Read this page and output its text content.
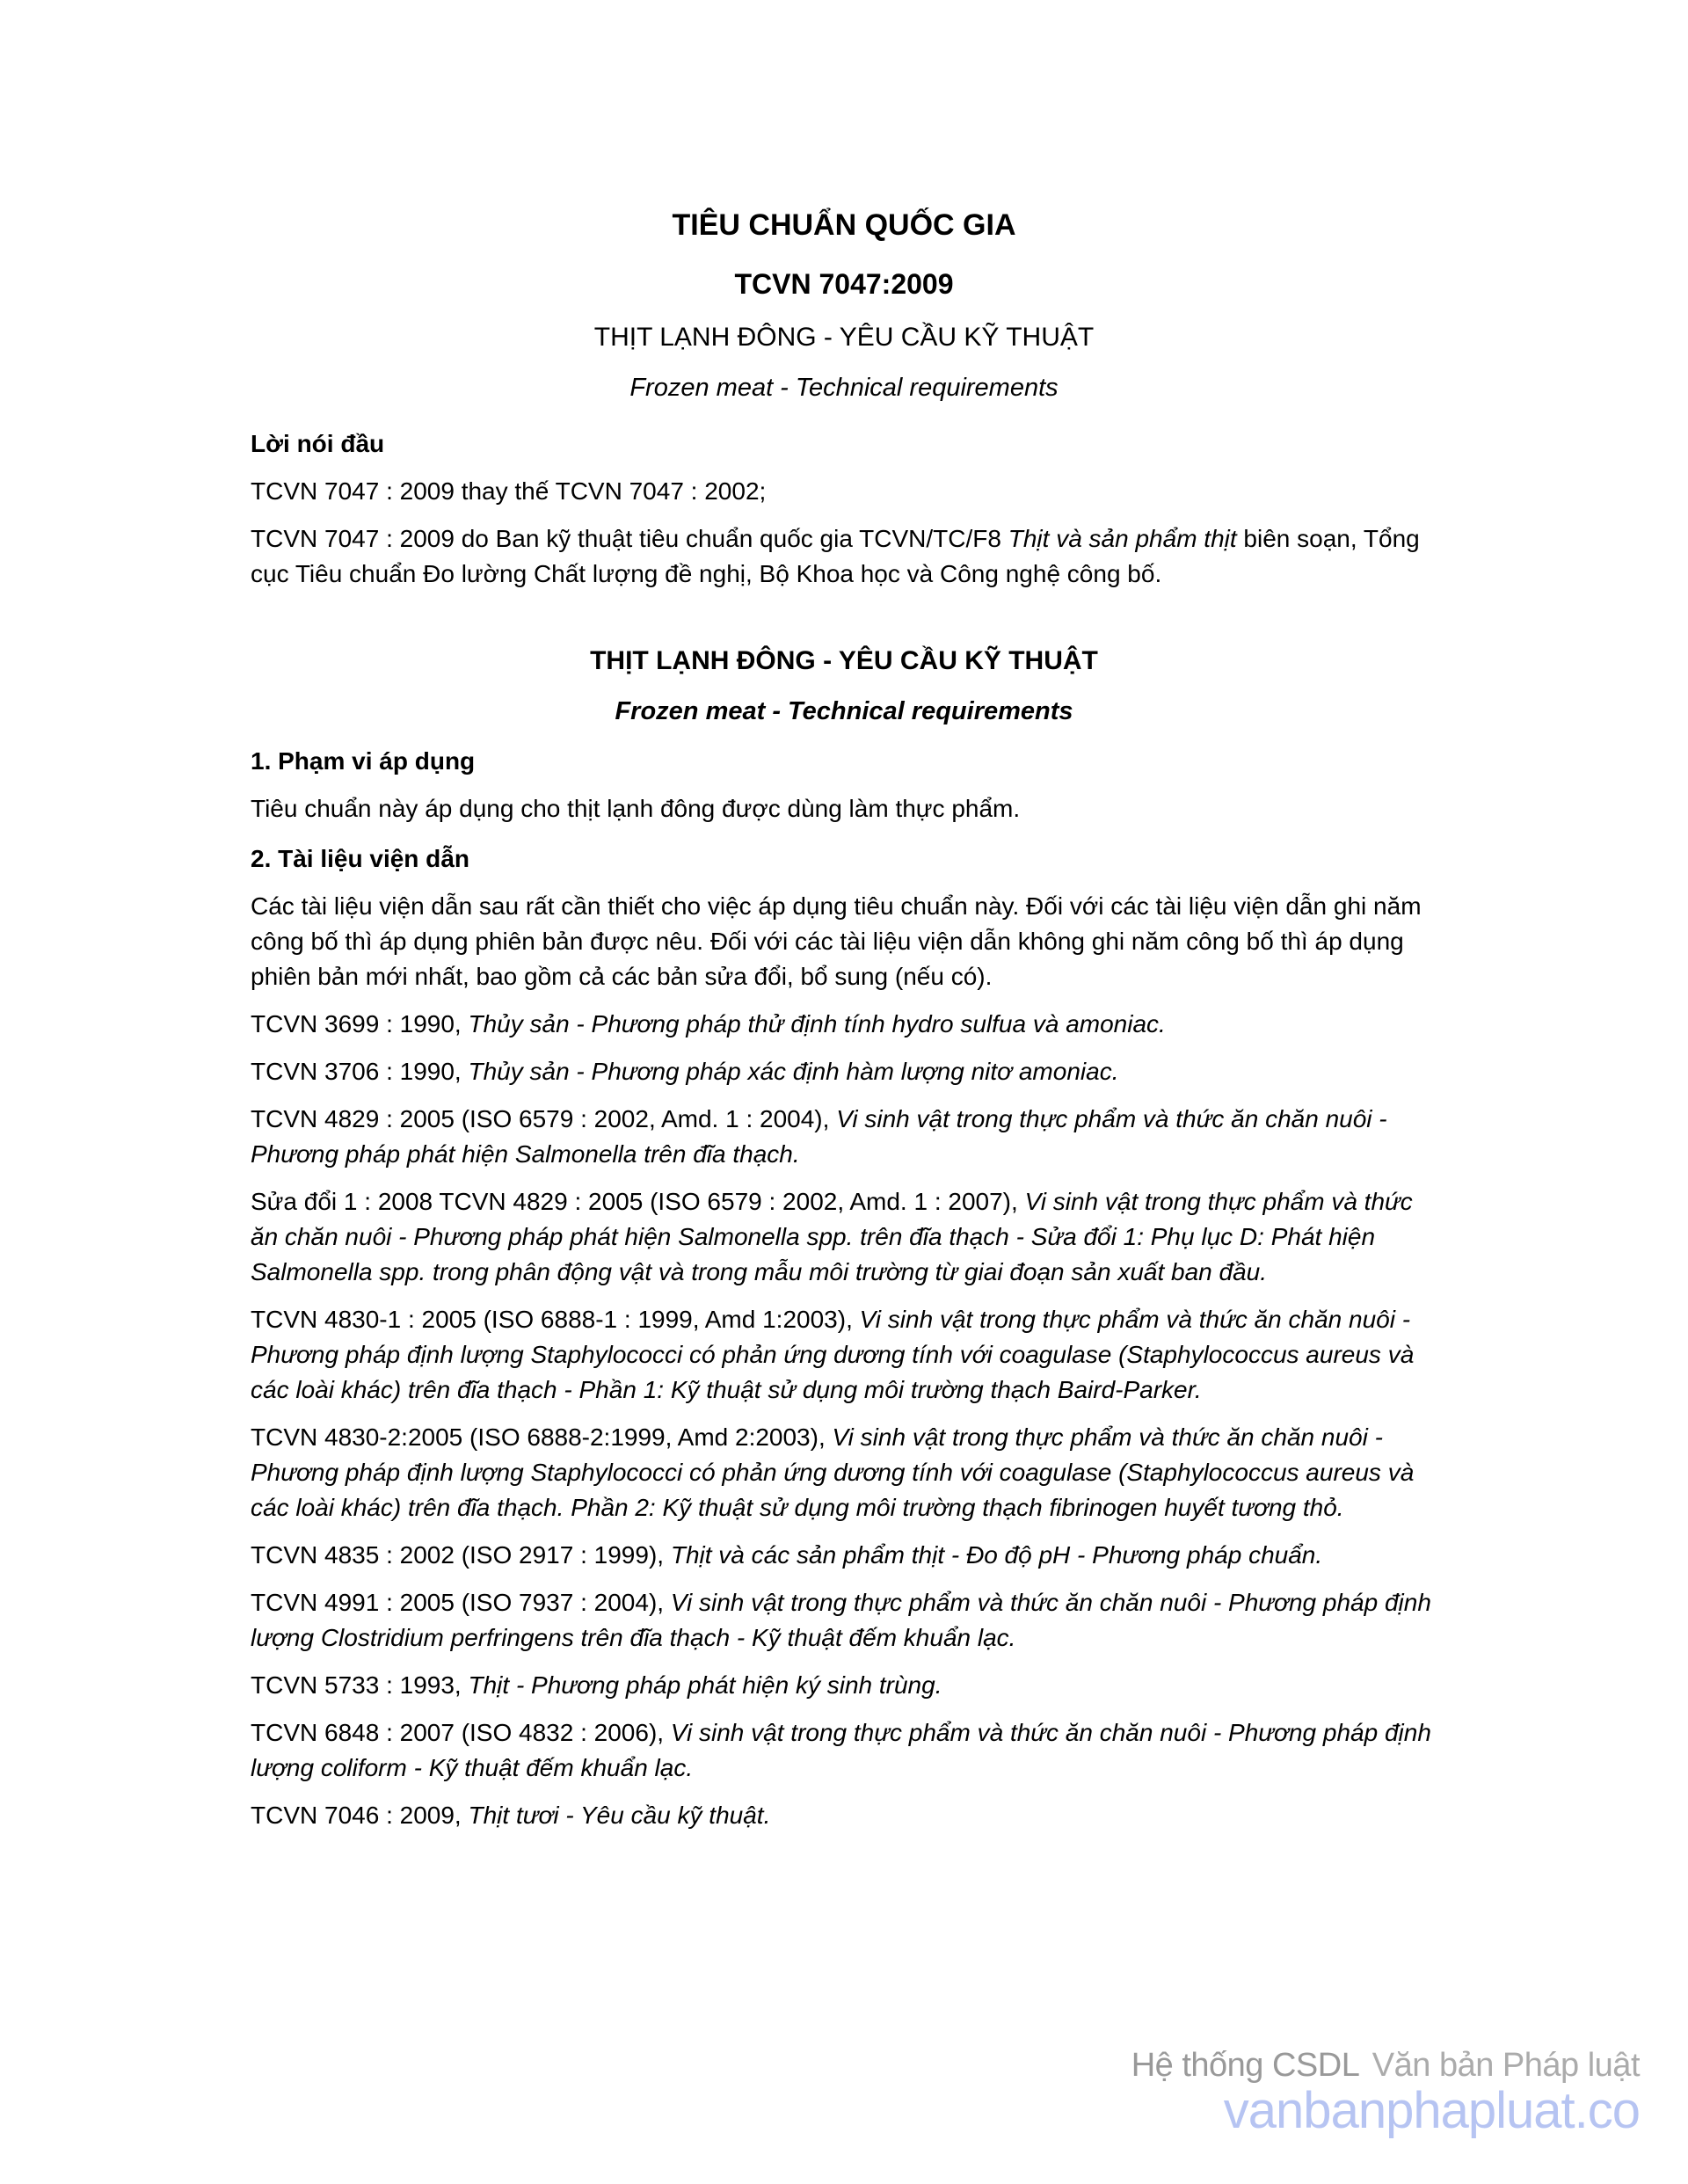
TIÊU CHUẨN QUỐC GIA
TCVN 7047:2009
THỊT LẠNH ĐÔNG - YÊU CẦU KỸ THUẬT
Frozen meat - Technical requirements
Lời nói đầu

TCVN 7047 : 2009 thay thế TCVN 7047 : 2002;

TCVN 7047 : 2009 do Ban kỹ thuật tiêu chuẩn quốc gia TCVN/TC/F8 Thịt và sản phẩm thịt biên soạn, Tổng cục Tiêu chuẩn Đo lường Chất lượng đề nghị, Bộ Khoa học và Công nghệ công bố.

THỊT LẠNH ĐÔNG - YÊU CẦU KỸ THUẬT
Frozen meat - Technical requirements
1. Phạm vi áp dụng

Tiêu chuẩn này áp dụng cho thịt lạnh đông được dùng làm thực phẩm.

2. Tài liệu viện dẫn

Các tài liệu viện dẫn sau rất cần thiết cho việc áp dụng tiêu chuẩn này. Đối với các tài liệu viện dẫn ghi năm công bố thì áp dụng phiên bản được nêu. Đối với các tài liệu viện dẫn không ghi năm công bố thì áp dụng phiên bản mới nhất, bao gồm cả các bản sửa đổi, bổ sung (nếu có).

TCVN 3699 : 1990, Thủy sản - Phương pháp thử định tính hydro sulfua và amoniac.

TCVN 3706 : 1990, Thủy sản - Phương pháp xác định hàm lượng nitơ amoniac.

TCVN 4829 : 2005 (ISO 6579 : 2002, Amd. 1 : 2004), Vi sinh vật trong thực phẩm và thức ăn chăn nuôi - Phương pháp phát hiện Salmonella trên đĩa thạch.

Sửa đổi 1 : 2008 TCVN 4829 : 2005 (ISO 6579 : 2002, Amd. 1 : 2007), Vi sinh vật trong thực phẩm và thức ăn chăn nuôi - Phương pháp phát hiện Salmonella spp. trên đĩa thạch - Sửa đổi 1: Phụ lục D: Phát hiện Salmonella spp. trong phân động vật và trong mẫu môi trường từ giai đoạn sản xuất ban đầu.

TCVN 4830-1 : 2005 (ISO 6888-1 : 1999, Amd 1:2003), Vi sinh vật trong thực phẩm và thức ăn chăn nuôi - Phương pháp định lượng Staphylococci có phản ứng dương tính với coagulase (Staphylococcus aureus và các loài khác) trên đĩa thạch - Phần 1: Kỹ thuật sử dụng môi trường thạch Baird-Parker.

TCVN 4830-2:2005 (ISO 6888-2:1999, Amd 2:2003), Vi sinh vật trong thực phẩm và thức ăn chăn nuôi - Phương pháp định lượng Staphylococci có phản ứng dương tính với coagulase (Staphylococcus aureus và các loài khác) trên đĩa thạch. Phần 2: Kỹ thuật sử dụng môi trường thạch fibrinogen huyết tương thỏ.

TCVN 4835 : 2002 (ISO 2917 : 1999), Thịt và các sản phẩm thịt - Đo độ pH - Phương pháp chuẩn.

TCVN 4991 : 2005 (ISO 7937 : 2004), Vi sinh vật trong thực phẩm và thức ăn chăn nuôi - Phương pháp định lượng Clostridium perfringens trên đĩa thạch - Kỹ thuật đếm khuẩn lạc.

TCVN 5733 : 1993, Thịt - Phương pháp phát hiện ký sinh trùng.

TCVN 6848 : 2007 (ISO 4832 : 2006), Vi sinh vật trong thực phẩm và thức ăn chăn nuôi - Phương pháp định lượng coliform - Kỹ thuật đếm khuẩn lạc.

TCVN 7046 : 2009, Thịt tươi - Yêu cầu kỹ thuật.

Hệ thống CSDL Văn bản Pháp luật
vanbanphapluat.co
